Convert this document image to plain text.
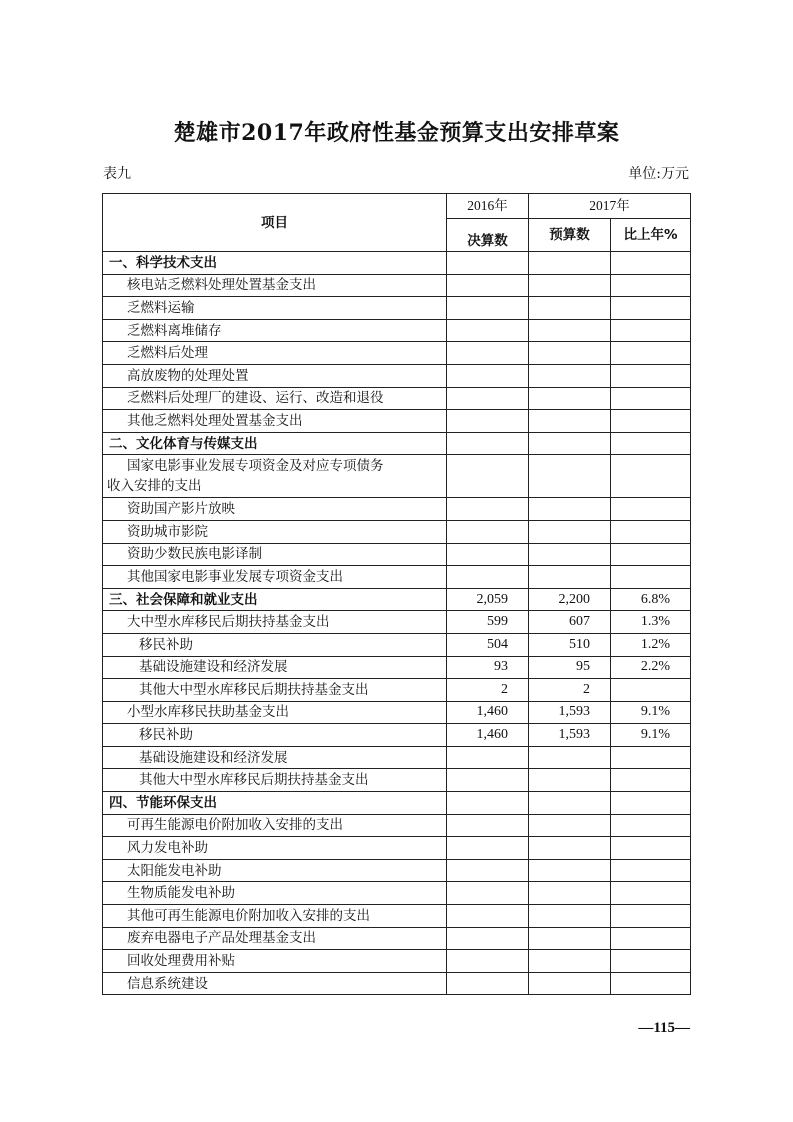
楚雄市2017年政府性基金预算支出安排草案
表九	单位:万元
项目	2016年	2017年	
	决算数	预算数	比上年%
一、科学技术支出			
核电站乏燃料处理处置基金支出			
乏燃料运输			
乏燃料离堆储存			
乏燃料后处理			
高放废物的处理处置			
乏燃料后处理厂的建设、运行、改造和退役			
其他乏燃料处理处置基金支出			
二、文化体育与传媒支出			

国家电影事业发展专项资金及对应专项债务
收入安排的支出			
资助国产影片放映			
资助城市影院			
资助少数民族电影译制			
其他国家电影事业发展专项资金支出			
三、社会保障和就业支出	2,059	2,200	6.8%
大中型水库移民后期扶持基金支出	599	607	1.3%
移民补助	504	510	1.2%
基础设施建设和经济发展	93	95	2.2%
其他大中型水库移民后期扶持基金支出	2	2	
小型水库移民扶助基金支出	1,460	1,593	9.1%
移民补助	1,460	1,593	9.1%
基础设施建设和经济发展			
其他大中型水库移民后期扶持基金支出			
四、节能环保支出			
可再生能源电价附加收入安排的支出			
风力发电补助			
太阳能发电补助			
生物质能发电补助			
其他可再生能源电价附加收入安排的支出			
废弃电器电子产品处理基金支出			
回收处理费用补贴			
信息系统建设			
—115—
